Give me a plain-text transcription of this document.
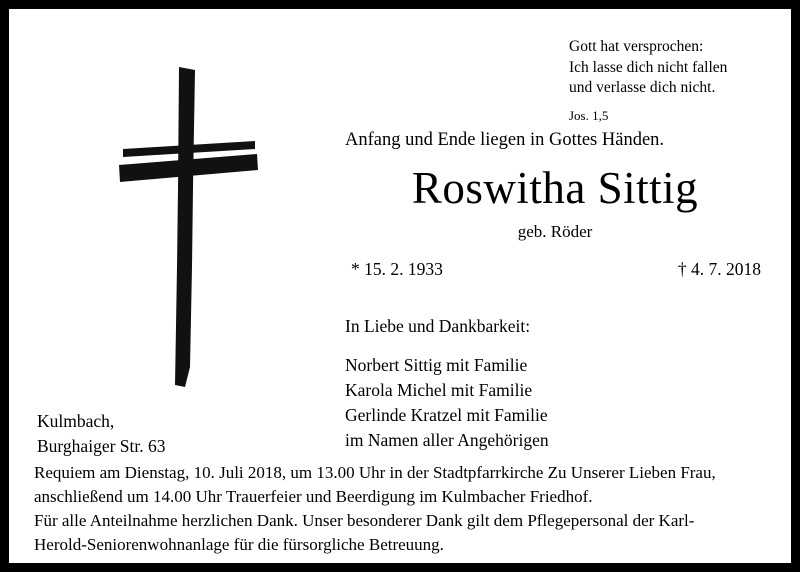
Gott hat versprochen:
Ich lasse dich nicht fallen
und verlasse dich nicht.
Jos. 1,5
Anfang und Ende liegen in Gottes Händen.
Roswitha Sittig
geb. Röder
* 15. 2. 1933	† 4. 7. 2018
In Liebe und Dankbarkeit:
Norbert Sittig mit Familie
Karola Michel mit Familie
Gerlinde Kratzel mit Familie
im Namen aller Angehörigen
Kulmbach,
Burghaiger Str. 63
Requiem am Dienstag, 10. Juli 2018, um 13.00 Uhr in der Stadtpfarrkirche Zu Unserer Lieben Frau,
anschließend um 14.00 Uhr Trauerfeier und Beerdigung im Kulmbacher Friedhof.
Für alle Anteilnahme herzlichen Dank. Unser besonderer Dank gilt dem Pflegepersonal der Karl-
Herold-Seniorenwohnanlage für die fürsorgliche Betreuung.
